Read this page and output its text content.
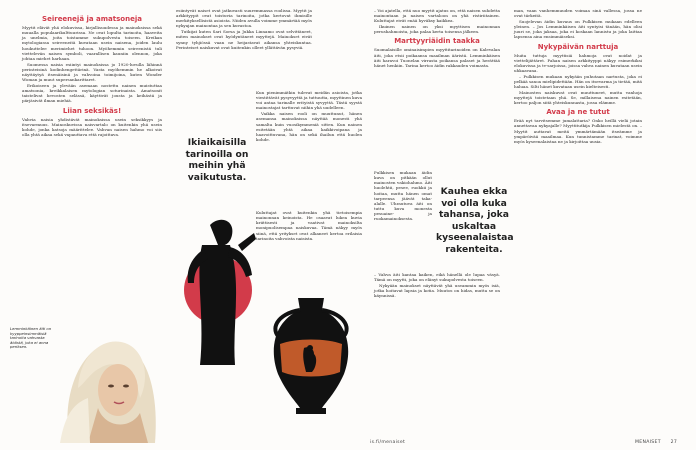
Seireenejä ja amatsoneja

Myytit elävät yhä elokuvissa, kirjallisuudessa ja mainoksissa sekä muualla populaarikulttuurissa. Ne ovat lopulta tarinoita, haaveita ja unelmia, joita toistamme sukupolvesta toiseen. Kreikan mytologiassa seireeneitä kuvataan usein naisena, joiden laulu houkuttelee merimiehet tuhoon. Myöhemmin seireenistä tuli viettelevän naisen symboli, vaarallisen kauniin olennon, joka johtaa miehet harhaan.

Suomessa naisia esiintyi mainoksissa jo 1920-luvulla lähinnä perinteisinä kodinhengettärinä. Vasta myöhemmin he alkoivat näyttäytyä itsenäisinä ja vahvoina toimijoina, kuten Wonder Woman ja muut supersankarittaret.

Erikoiseen ja ylevään asemaan nostettu nainen muistuttaa amatsonia, kreikkalaisen mytologian soturinaista. Amatsonit taistelivat hevosten selässä, käyttivät jousta ja keihästä ja pärjäsivät ilman miehiä.

Liian seksikäs!

Vahvia naisia yhdistävät mainoksissa usein seksikkyys ja itsevarmuus. Mainoskuvissa naisvartalo on kuitenkin yhä usein kohde, jonka katsoja määrittelee. Vahvan naisen hahmo voi siis olla yhtä aikaa sekä vapauttava että rajoittava.

Lemminkäinen äiti on kyyppeinsimmäisiä tarinoita vahvasta äidistä, joka ei anna periksen.

esiintyvät naiset ovat jatkuvasti suuremmassa roolissa. Myytit ja arkkityypit ovat toistuvia tarinoita, jotka kertovat ihmisille merkityksellisistä asioista. Niiden avulla voimme ymmärtää myös nykyajan mainontaa ja sen kuvastoa.

Tutkijat kuten Sari Sorsa ja Jukka Linnamo ovat selvittäneet, miten mainokset ovat hyödyntäneet myyttejä. Mainokset eivät synny tyhjiössä vaan ne heijastavat aikansa yhteiskuntaa. Perinteiset naiskuvat ovat kuitenkin olleet yllättävän pysyviä.

Ikiaikaisilla tarinoilla on meihin yhä vaikutusta.

Kun pienimmätkin tulevat meidän asioista, jotka viestittävät pysyvyyttä ja tuttuutta, myyttinen kuva voi antaa tarinalle erityistä syvyyttä. Tästä syystä mainostajat tarttuvat niihin yhä uudelleen.

Vaikka naisen rooli on muuttunut, hänen asemansa mainoksissa näyttää monesti yhä samalta kuin vuosikymmeniä sitten. Kun nainen esitetään yhtä aikaa kaikkivoipana ja haavoittuvana, hän on sekä ihailun että huolen kohde.

Kuluttajat ovat kuitenkin yhä tietoisempia mainonnan keinoista. He osaavat lukea kuvia kriittisesti ja vaativat mainoksilta monipuolisempaa naiskuvaa. Tämä näkyy myös siinä, että yritykset ovat alkaneet kertoa erilaisia tarinoita vahvoista naisista.

– Voi ajatella, että nuo myytit ajatus on, että naisen suhdetta mainontaan ja naisen vartaloon on yhä ristiriitainen. Kuluttajat eivät enää hyväksy kaikkea.

Ikuinen nainen on yksi myyttisen mainonnan perushahmoista, joka palaa kerta toisensa jälkeen.

Marttyyriäidin taakka

Suomalaisille ominaisimpien myyttitarinoiden on Kalevalan äiti, joka etsii poikaansa maailman ääristä. Lemminkäisen äiti haravoi Tuonelan virrasta poikansa palaset ja herättää hänet henkiin. Tarina kertoo äidin rakkauden voimasta.

Kauhea ekka voi olla kuka tahansa, joka uskaltaa kyseenalaistaa rakenteita.

Pulkkisen mukaan äidin kuva on pitkään ollut mainosten vakiohahmo. Äiti huolehtii, pesee, ruokkii ja hoitaa, mutta hänen omat tarpeensa jäävät taka-alalle. Uhrautuva äiti on tuttu kuva monesta pesuaine- ja ruokamainoksesta.

– Vahva äiti kantaa kaiken, eikä hänellä ole lupaa väsyä. Tämä on myytti, joka on elänyt sukupolvesta toiseen.

Nykyään mainokset näyttävät yhä useammin myös isiä, jotka hoitavat lapsia ja kotia. Muutos on hidas, mutta se on käynnissä.

man, vaan vanhemmuuden voimaa sinä vallessa, jossa ne ovat tärkeitä.

Suojelevan äidin kuvaus on Pulkkisen mukaan edelleen yleinen. – Jos Lemminkäisen äiti syntyisi tänään, hän olisi juuri se, joka jaksaa, joka ei koskaan lannistu ja joka laittaa lapsensa aina ensimmäiseksi.

Nykypäivän narttuja

Muita tuttuja myyttisiä hahmoja ovat noidat ja viettelijättäret. Pahan naisen arkkityyppi näkyy esimerkiksi elokuvissa ja tv-sarjoissa, joissa vahva nainen kuvataan usein uhkaavana.

– Pulkkisen mukaan nykyään puhutaan nartusta, joka ei pelkää sanoa mielipidettään. Hän on itsevarma ja tietää, mitä haluaa. Silti hänet kuvataan usein kielteisesti.

Mainosten naiskuvat ovat muuttuneet, mutta vanhoja myyttejä toistetaan yhä. Se, millaisena nainen esitetään, kertoo paljon siitä yhteiskunnasta, jossa elämme.

Avaa ja ne tutut

Erää nyt tarvitsemme jumalattaria? Onko heillä vielä jotain annettavaa nykyajalle? Myyttitutkija Pulkkisen mielestä on. – Myytit auttavat meitä ymmärtämään itseämme ja ympäröivää maailmaa. Kun tunnistamme tarinat, voimme myös kyseenalaistaa ne ja kirjoittaa uusia.

is.fi/menaiset	MENAISET 27
